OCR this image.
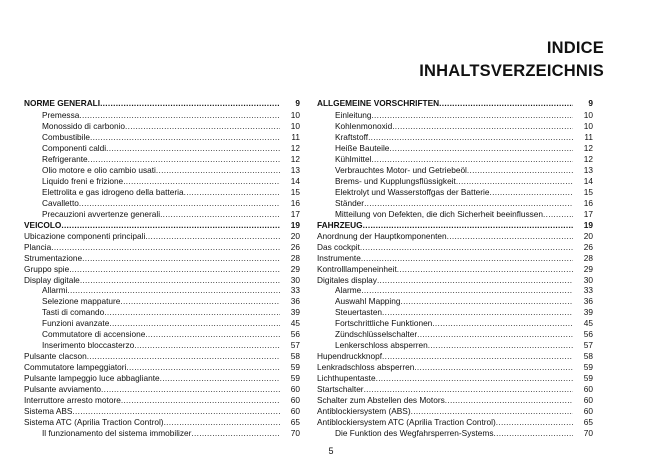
INDICE
INHALTSVERZEICHNIS
NORME GENERALI .....	9
Premessa .....	10
Monossido di carbonio .....	10
Combustibile .....	11
Componenti caldi .....	12
Refrigerante .....	12
Olio motore e olio cambio usati .....	13
Liquido freni e frizione .....	14
Elettrolita e gas idrogeno della batteria .....	15
Cavalletto .....	16
Precauzioni avvertenze generali .....	17
VEICOLO .....	19
Ubicazione componenti principali .....	20
Plancia .....	26
Strumentazione .....	28
Gruppo spie .....	29
Display digitale .....	30
Allarmi .....	33
Selezione mappature .....	36
Tasti di comando .....	39
Funzioni avanzate .....	45
Commutatore di accensione .....	56
Inserimento bloccasterzo .....	57
Pulsante clacson .....	58
Commutatore lampeggiatori .....	59
Pulsante lampeggio luce abbagliante .....	59
Pulsante avviamento .....	60
Interruttore arresto motore .....	60
Sistema ABS .....	60
Sistema ATC (Aprilia Traction Control) .....	65
Il funzionamento del sistema immobilizer .....	70
ALLGEMEINE VORSCHRIFTEN .....	9
Einleitung .....	10
Kohlenmonoxid .....	10
Kraftstoff .....	11
Heiße Bauteile .....	12
Kühlmittel .....	12
Verbrauchtes Motor- und Getriebeöl .....	13
Brems- und Kupplungsflüssigkeit .....	14
Elektrolyt und Wasserstoffgas der Batterie .....	15
Ständer .....	16
Mitteilung von Defekten, die dich Sicherheit beeinflussen .....	17
FAHRZEUG .....	19
Anordnung der Hauptkomponenten .....	20
Das cockpit .....	26
Instrumente .....	28
Kontrolllampeneinheit .....	29
Digitales display .....	30
Alarme .....	33
Auswahl Mapping .....	36
Steuertasten .....	39
Fortschrittliche Funktionen .....	45
Zündschlüsselschalter .....	56
Lenkerschloss absperren .....	57
Hupendruckknopf .....	58
Lenkradschloss absperren .....	59
Lichthupentaste .....	59
Startschalter .....	60
Schalter zum Abstellen des Motors .....	60
Antiblockiersystem (ABS) .....	60
Antiblockiersystem ATC (Aprilia Traction Control) .....	65
Die Funktion des Wegfahrsperren-Systems .....	70
5
